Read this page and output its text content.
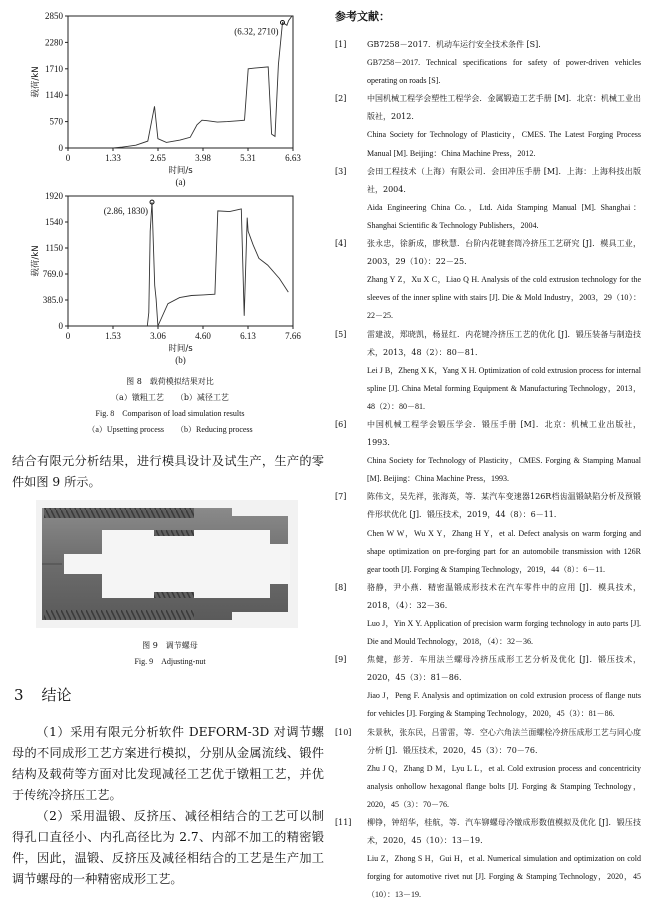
2850
2280
1710
1140
570
0
0	1.33	2.65	3.98	5.31	6.63
载荷/kN
时间/s
(a)
(6.32, 2710)
1920
1540
1150
769.0
385.0
0
0	1.53	3.06	4.60	6.13	7.66
载荷/kN
时间/s
(b)
(2.86, 1830)
图 8　载荷模拟结果对比
（a）镦粗工艺　　（b）减径工艺
Fig. 8　Comparison of load simulation results
（a）Upsetting process　　（b）Reducing process
结合有限元分析结果，进行模具设计及试生产，生产的零件如图 9 所示。
图 9　调节螺母
Fig. 9　Adjusting-nut
3 结论
（1）采用有限元分析软件 DEFORM-3D 对调节螺母的不同成形工艺方案进行模拟，分别从金属流线、锻件结构及载荷等方面对比发现减径工艺优于镦粗工艺，并优于传统冷挤压工艺。
（2）采用温锻、反挤压、减径相结合的工艺可以制得孔口直径小、内孔高径比为 2.7、内部不加工的精密锻件，因此，温锻、反挤压及减径相结合的工艺是生产加工调节螺母的一种精密成形工艺。
参考文献：
[1]	GB7258－2017．机动车运行安全技术条件 [S]．
GB7258－2017. Technical specifications for safety of power-driven vehicles operating on roads [S].
[2]	中国机械工程学会塑性工程学会．金属锻造工艺手册 [M]．北京：机械工业出版社，2012．
China Society for Technology of Plasticity，CMES. The Latest Forging Process Manual [M]. Beijing：China Machine Press，2012.
[3]	会田工程技术（上海）有限公司．会田冲压手册 [M]．上海：上海科技出版社，2004．
Aida Engineering China Co.，Ltd. Aida Stamping Manual [M]. Shanghai：Shanghai Scientific & Technology Publishers，2004.
[4]	张永忠，徐新成，廖秋慧．台阶内花键套筒冷挤压工艺研究 [J]．模具工业，2003，29（10）：22－25．
Zhang Y Z，Xu X C，Liao Q H. Analysis of the cold extrusion technology for the sleeves of the inner spline with stairs [J]. Die & Mold Industry，2003，29（10）：22－25.
[5]	雷建波，郑晓凯，杨显红．内花键冷挤压工艺的优化 [J]．锻压装备与制造技术，2013，48（2）：80－81．
Lei J B，Zheng X K，Yang X H. Optimization of cold extrusion process for internal spline [J]. China Metal forming Equipment & Manufacturing Technology，2013，48（2）：80－81.
[6]	中国机械工程学会锻压学会．锻压手册 [M]．北京：机械工业出版社，1993．
China Society for Technology of Plasticity，CMES. Forging & Stamping Manual [M]. Beijing：China Machine Press，1993.
[7]	陈伟文，吴先祥，张海英，等．某汽车变速器126R档齿温锻缺陷分析及预锻件形状优化 [J]．锻压技术，2019，44（8）：6－11．
Chen W W，Wu X Y，Zhang H Y，et al. Defect analysis on warm forging and shape optimization on pre-forging part for an automobile transmission with 126R gear tooth [J]. Forging & Stamping Technology，2019，44（8）：6－11.
[8]	骆静，尹小燕．精密温锻成形技术在汽车零件中的应用 [J]．模具技术，2018，（4）：32－36．
Luo J，Yin X Y. Application of precision warm forging technology in auto parts [J]. Die and Mould Technology，2018，（4）：32－36.
[9]	焦健，彭芳．车用法兰螺母冷挤压成形工艺分析及优化 [J]．锻压技术，2020，45（3）：81－86．
Jiao J，Peng F. Analysis and optimization on cold extrusion process of flange nuts for vehicles [J]. Forging & Stamping Technology，2020，45（3）：81－86.
[10]	朱景秋，张东民，吕雷雷，等．空心六角法兰面螺栓冷挤压成形工艺与同心度分析 [J]．锻压技术，2020，45（3）：70－76．
Zhu J Q，Zhang D M，Lyu L L，et al. Cold extrusion process and concentricity analysis onhollow hexagonal flange bolts [J]. Forging & Stamping Technology，2020，45（3）：70－76.
[11]	柳铮，钟绍华，桂航，等．汽车铆螺母冷镦成形数值模拟及优化 [J]．锻压技术，2020，45（10）：13－19．
Liu Z，Zhong S H，Gui H，et al. Numerical simulation and optimization on cold forging for automotive rivet nut [J]. Forging & Stamping Technology，2020，45（10）：13－19.
